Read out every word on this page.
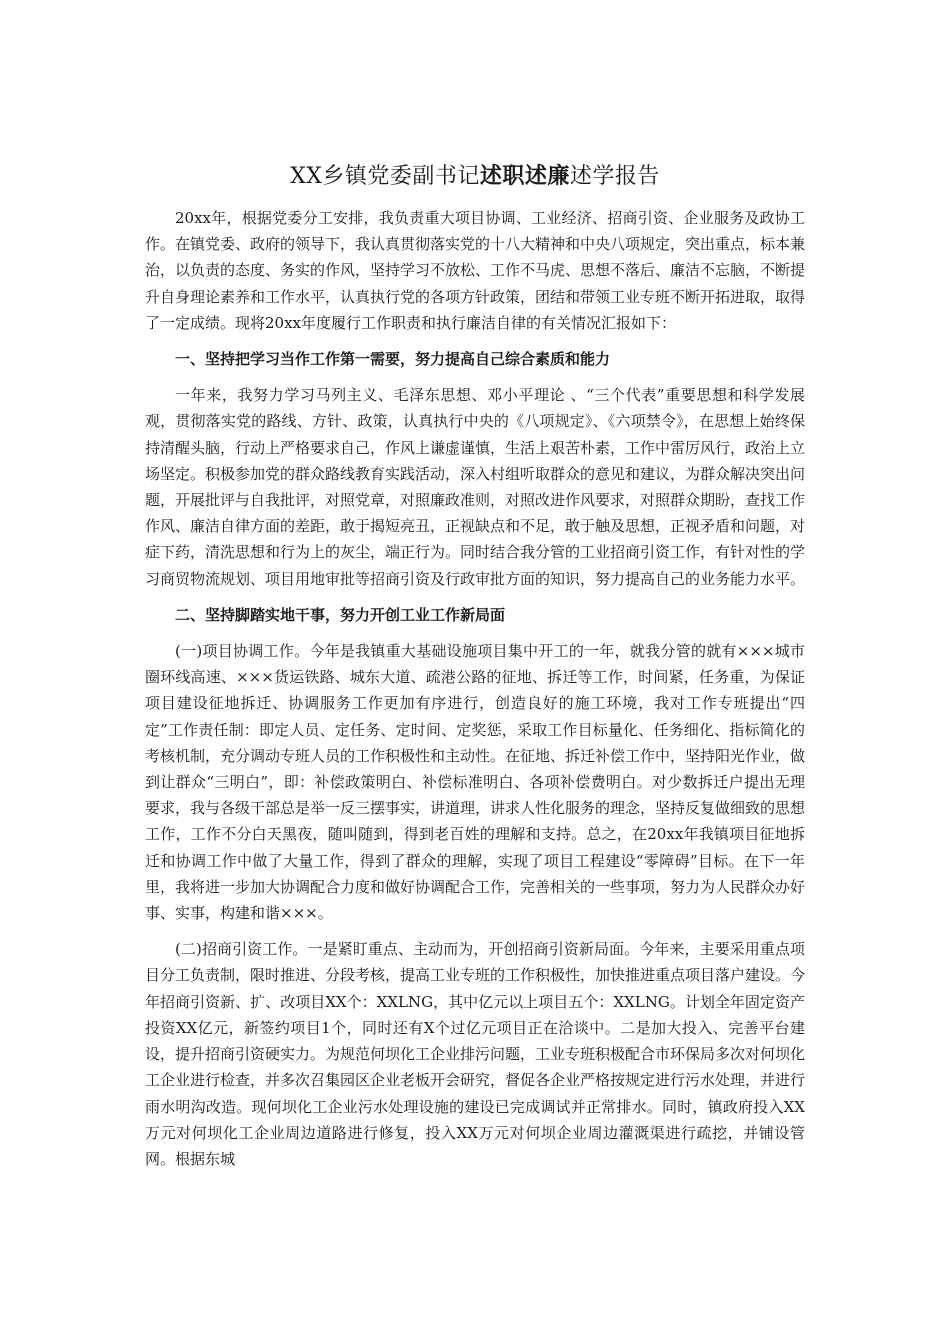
XX乡镇党委副书记述职述廉述学报告

20xx年，根据党委分工安排，我负责重大项目协调、工业经济、招商引资、企业服务及政协工作。在镇党委、政府的领导下，我认真贯彻落实党的十八大精神和中央八项规定，突出重点，标本兼治，以负责的态度、务实的作风，坚持学习不放松、工作不马虎、思想不落后、廉洁不忘脑，不断提升自身理论素养和工作水平，认真执行党的各项方针政策，团结和带领工业专班不断开拓进取，取得了一定成绩。现将20xx年度履行工作职责和执行廉洁自律的有关情况汇报如下：

一、坚持把学习当作工作第一需要，努力提高自己综合素质和能力

一年来，我努力学习马列主义、毛泽东思想、邓小平理论 、“三个代表”重要思想和科学发展观，贯彻落实党的路线、方针、政策，认真执行中央的《八项规定》、《六项禁令》，在思想上始终保持清醒头脑，行动上严格要求自己，作风上谦虚谨慎，生活上艰苦朴素，工作中雷厉风行，政治上立场坚定。积极参加党的群众路线教育实践活动，深入村组听取群众的意见和建议，为群众解决突出问题，开展批评与自我批评，对照党章，对照廉政准则，对照改进作风要求，对照群众期盼，查找工作作风、廉洁自律方面的差距，敢于揭短亮丑，正视缺点和不足，敢于触及思想，正视矛盾和问题，对症下药，清洗思想和行为上的灰尘，端正行为。同时结合我分管的工业招商引资工作，有针对性的学习商贸物流规划、项目用地审批等招商引资及行政审批方面的知识，努力提高自己的业务能力水平。

二、坚持脚踏实地干事，努力开创工业工作新局面

(一)项目协调工作。今年是我镇重大基础设施项目集中开工的一年，就我分管的就有×××城市圈环线高速、×××货运铁路、城东大道、疏港公路的征地、拆迁等工作，时间紧，任务重，为保证项目建设征地拆迁、协调服务工作更加有序进行，创造良好的施工环境，我对工作专班提出“四定”工作责任制：即定人员、定任务、定时间、定奖惩，采取工作目标量化、任务细化、指标简化的考核机制，充分调动专班人员的工作积极性和主动性。在征地、拆迁补偿工作中，坚持阳光作业，做到让群众“三明白”，即：补偿政策明白、补偿标准明白、各项补偿费明白。对少数拆迁户提出无理要求，我与各级干部总是举一反三摆事实，讲道理，讲求人性化服务的理念，坚持反复做细致的思想工作，工作不分白天黑夜，随叫随到，得到老百姓的理解和支持。总之，在20xx年我镇项目征地拆迁和协调工作中做了大量工作，得到了群众的理解，实现了项目工程建设“零障碍”目标。在下一年里，我将进一步加大协调配合力度和做好协调配合工作，完善相关的一些事项，努力为人民群众办好事、实事，构建和谐×××。

(二)招商引资工作。一是紧盯重点、主动而为，开创招商引资新局面。今年来，主要采用重点项目分工负责制，限时推进、分段考核，提高工业专班的工作积极性，加快推进重点项目落户建设。今年招商引资新、扩、改项目XX个：XXLNG，其中亿元以上项目五个：XXLNG。计划全年固定资产投资XX亿元，新签约项目1个，同时还有X个过亿元项目正在洽谈中。二是加大投入、完善平台建设，提升招商引资硬实力。为规范何坝化工企业排污问题，工业专班积极配合市环保局多次对何坝化工企业进行检查，并多次召集园区企业老板开会研究，督促各企业严格按规定进行污水处理，并进行雨水明沟改造。现何坝化工企业污水处理设施的建设已完成调试并正常排水。同时，镇政府投入XX万元对何坝化工企业周边道路进行修复，投入XX万元对何坝企业周边灌溉渠进行疏挖，并铺设管网。根据东城
